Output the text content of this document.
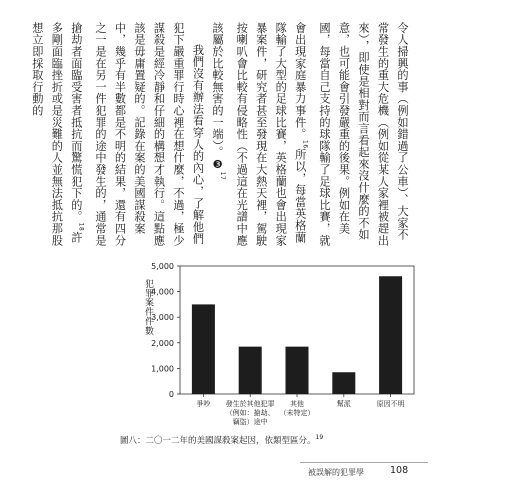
令人掃興的事（例如錯過了公車）、大家不常發生的重大危機（例如從某人家裡被趕出來），即使是相對而言看起來沒什麼的不如意，也可能會引發嚴重的後果。例如在美國，每當自己支持的球隊輸了足球比賽，就會出現家庭暴力事件。$^{16}$所以，每當英格蘭隊輸了大型的足球比賽，英格蘭也會出現家暴案件，研究者甚至發現在大熱天裡，駕駛按喇叭會比較有侵略性（不過這在光譜中應該屬於比較無害的一端）。❸$^{17}$

我們沒有辦法看穿人的內心，了解他們犯下嚴重罪行時心裡在想什麼，不過，極少謀殺是經冷靜和仔細的構想才執行。這點應該是毋庸置疑的。記錄在案的美國謀殺案中，幾乎有半數都是不明的結果，還有四分之一是在另一件犯罪的途中發生的，通常是搶劫者面臨受害者抵抗而驚慌犯下的。$^{18}$許多剛面臨挫折或是災難的人並無法抵抗那股想立即採取行動的

0
1,000
2,000
3,000
4,000
5,000
爭吵 發生於其他犯罪（例如：搶劫、竊盜）途中
其他（未特定）
幫派	原因不明
犯罪案件件數
圖八：二〇一二年的美國謀殺案起因，依類型區分。$^{19}$
被誤解的犯罪學	108
